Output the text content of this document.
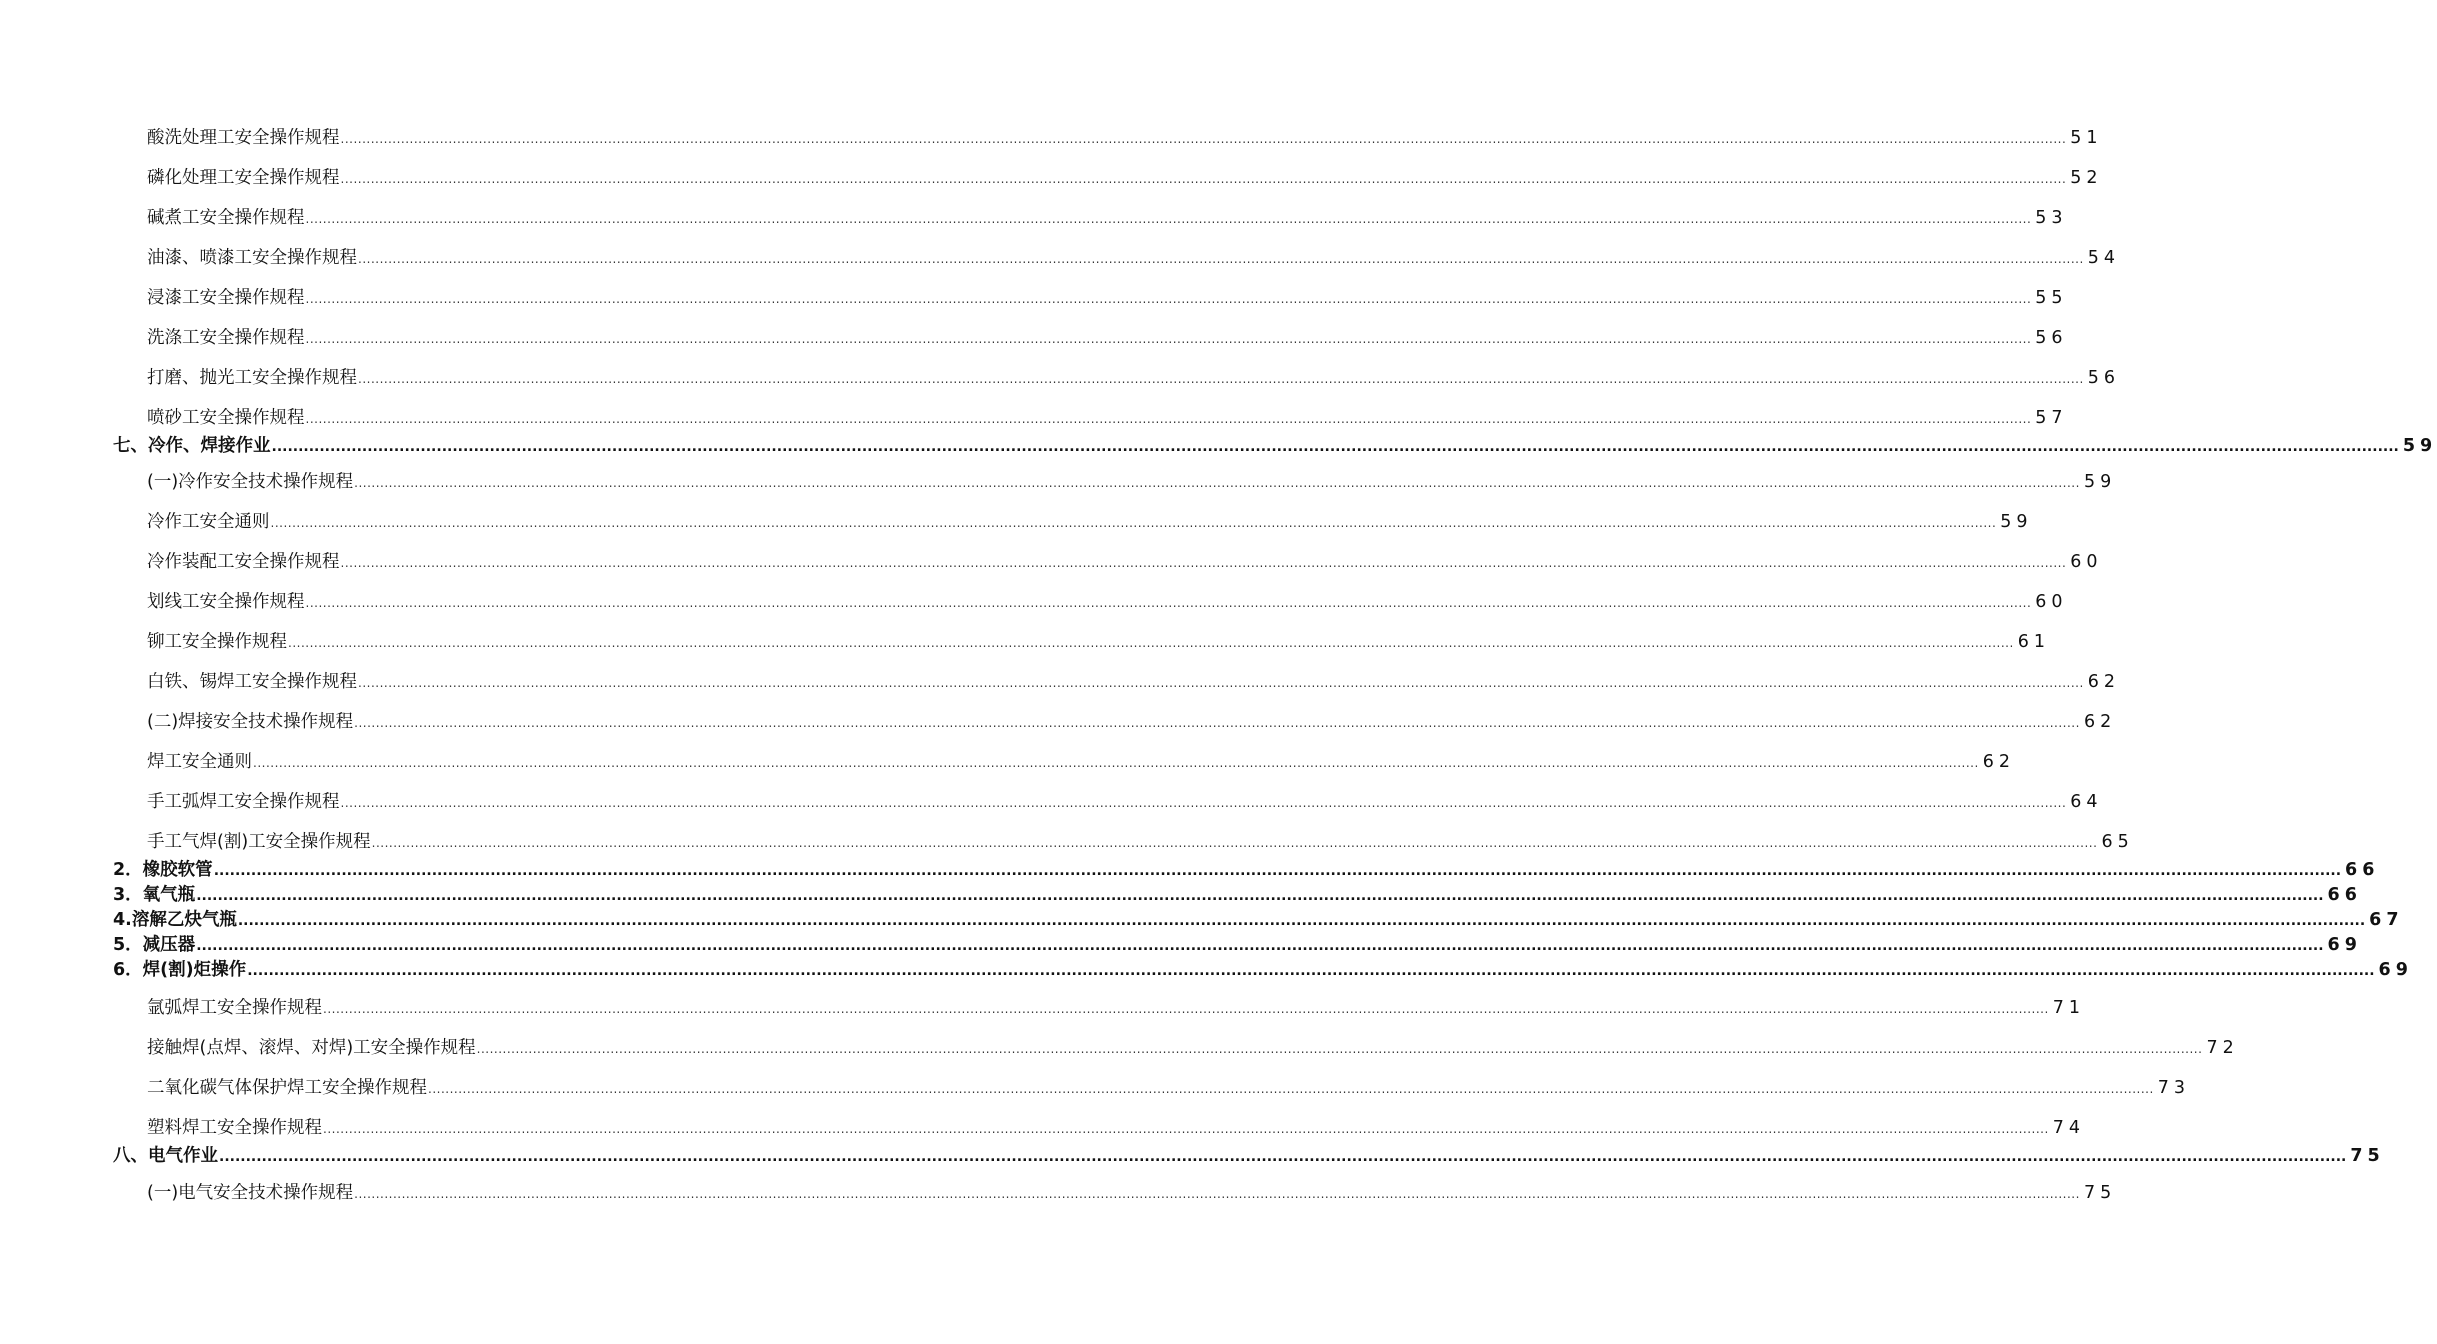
酸洗处理工安全操作规程 ................................................................................................................................................................................................................................................................................................................................................................................................................ 51
磷化处理工安全操作规程 ................................................................................................................................................................................................................................................................................................................................................................................................................ 52
碱煮工安全操作规程 ................................................................................................................................................................................................................................................................................................................................................................................................................ 53
油漆、喷漆工安全操作规程 ................................................................................................................................................................................................................................................................................................................................................................................................................ 54
浸漆工安全操作规程 ................................................................................................................................................................................................................................................................................................................................................................................................................ 55
洗涤工安全操作规程 ................................................................................................................................................................................................................................................................................................................................................................................................................ 56
打磨、抛光工安全操作规程 ................................................................................................................................................................................................................................................................................................................................................................................................................ 56
喷砂工安全操作规程 ................................................................................................................................................................................................................................................................................................................................................................................................................ 57
七、冷作、焊接作业 ................................................................................................................................................................................................................................................................................................................................................................................................................ 59
(一)冷作安全技术操作规程 ................................................................................................................................................................................................................................................................................................................................................................................................................ 59
冷作工安全通则 ................................................................................................................................................................................................................................................................................................................................................................................................................ 59
冷作装配工安全操作规程 ................................................................................................................................................................................................................................................................................................................................................................................................................ 60
划线工安全操作规程 ................................................................................................................................................................................................................................................................................................................................................................................................................ 60
铆工安全操作规程 ................................................................................................................................................................................................................................................................................................................................................................................................................ 61
白铁、锡焊工安全操作规程 ................................................................................................................................................................................................................................................................................................................................................................................................................ 62
(二)焊接安全技术操作规程 ................................................................................................................................................................................................................................................................................................................................................................................................................ 62
焊工安全通则 ................................................................................................................................................................................................................................................................................................................................................................................................................ 62
手工弧焊工安全操作规程 ................................................................................................................................................................................................................................................................................................................................................................................................................ 64
手工气焊(割)工安全操作规程 ................................................................................................................................................................................................................................................................................................................................................................................................................ 65
2．橡胶软管 ................................................................................................................................................................................................................................................................................................................................................................................................................ 66
3．氧气瓶 ................................................................................................................................................................................................................................................................................................................................................................................................................ 66
4.溶解乙炔气瓶 ................................................................................................................................................................................................................................................................................................................................................................................................................ 67
5．减压器 ................................................................................................................................................................................................................................................................................................................................................................................................................ 69
6．焊(割)炬操作 ................................................................................................................................................................................................................................................................................................................................................................................................................ 69
氩弧焊工安全操作规程 ................................................................................................................................................................................................................................................................................................................................................................................................................ 71
接触焊(点焊、滚焊、对焊)工安全操作规程 ................................................................................................................................................................................................................................................................................................................................................................................................................ 72
二氧化碳气体保护焊工安全操作规程 ................................................................................................................................................................................................................................................................................................................................................................................................................ 73
塑料焊工安全操作规程 ................................................................................................................................................................................................................................................................................................................................................................................................................ 74
八、电气作业 ................................................................................................................................................................................................................................................................................................................................................................................................................ 75
(一)电气安全技术操作规程 ................................................................................................................................................................................................................................................................................................................................................................................................................ 75
